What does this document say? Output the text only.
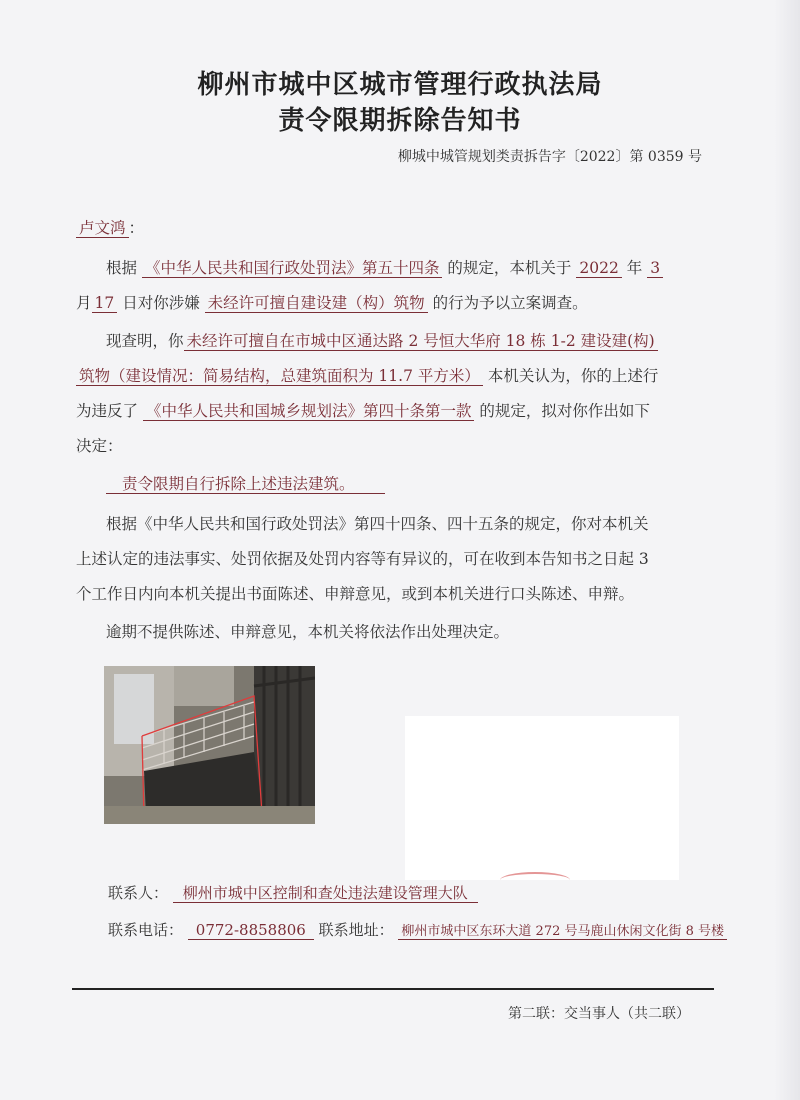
柳州市城中区城市管理行政执法局
责令限期拆除告知书
柳城中城管规划类责拆告字〔2022〕第 0359 号
卢文鸿 ：
根据 《中华人民共和国行政处罚法》第五十四条 的规定，本机关于 2022 年 3
月 17 日对你涉嫌 未经许可擅自建设建（构）筑物 的行为予以立案调查。
现查明，你 未经许可擅自在市城中区通达路 2 号恒大华府 18 栋 1-2 建设建(构)
筑物（建设情况：简易结构，总建筑面积为 11.7 平方米） 本机关认为，你的上述行
为违反了 《中华人民共和国城乡规划法》第四十条第一款 的规定，拟对你作出如下
决定：
责令限期自行拆除上述违法建筑。
根据《中华人民共和国行政处罚法》第四十四条、四十五条的规定，你对本机关
上述认定的违法事实、处罚依据及处罚内容等有异议的，可在收到本告知书之日起 3
个工作日内向本机关提出书面陈述、申辩意见，或到本机关进行口头陈述、申辩。
逾期不提供陈述、申辩意见，本机关将依法作出处理决定。
联系人： 柳州市城中区控制和查处违法建设管理大队
联系电话： 0772-8858806 联系地址： 柳州市城中区东环大道 272 号马鹿山休闲文化街 8 号楼
第二联：交当事人（共二联）
